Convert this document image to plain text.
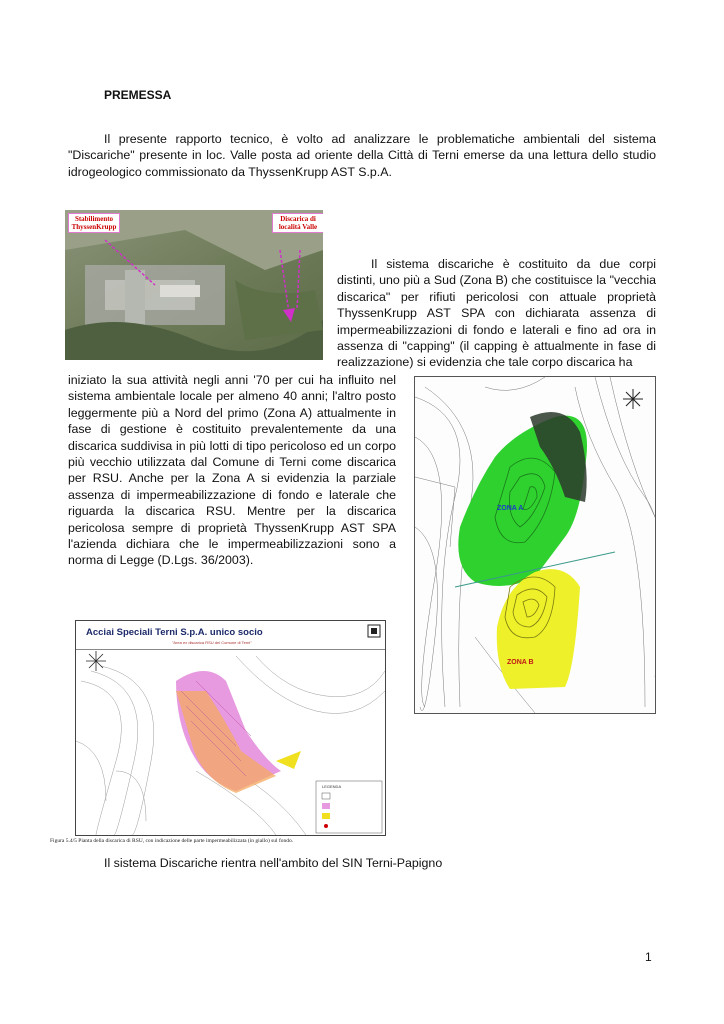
PREMESSA
Il presente rapporto tecnico, è volto ad analizzare le problematiche ambientali del sistema "Discariche" presente in loc. Valle posta ad oriente della Città di Terni emerse da una lettura dello studio idrogeologico commissionato da ThyssenKrupp AST S.p.A.
Stabilimento ThyssenKrupp
Discarica di località Valle
Il sistema discariche è costituito da due corpi distinti, uno più a Sud (Zona B) che costituisce la "vecchia discarica" per rifiuti pericolosi con attuale proprietà ThyssenKrupp AST SPA con dichiarata assenza di impermeabilizzazioni di fondo e laterali e fino ad ora in assenza di "capping" (il capping è attualmente in fase di realizzazione) si evidenzia che tale corpo discarica ha
iniziato la sua attività negli anni '70 per cui ha influito nel sistema ambientale locale per almeno 40 anni; l'altro posto leggermente più a Nord del primo (Zona A) attualmente in fase di gestione è costituito prevalentemente da una discarica suddivisa in più lotti di tipo pericoloso ed un corpo più vecchio utilizzata dal Comune di Terni come discarica per RSU. Anche per la Zona A si evidenzia la parziale assenza di impermeabilizzazione di fondo e laterale che riguarda la discarica RSU. Mentre per la discarica pericolosa sempre di proprietà ThyssenKrupp AST SPA l'azienda dichiara che le impermeabilizzazioni sono a norma di Legge (D.Lgs. 36/2003).
ZONA A
ZONA B
Acciai Speciali Terni S.p.A. unico socio
"Area ex discarica RSU del Comune di Terni"
LEGENDA
Figura 5.4/5 Pianta della discarica di RSU, con indicazione delle parte impermeabilizzata (in giallo) sul fondo.
Il sistema Discariche rientra nell'ambito del SIN Terni-Papigno
1
